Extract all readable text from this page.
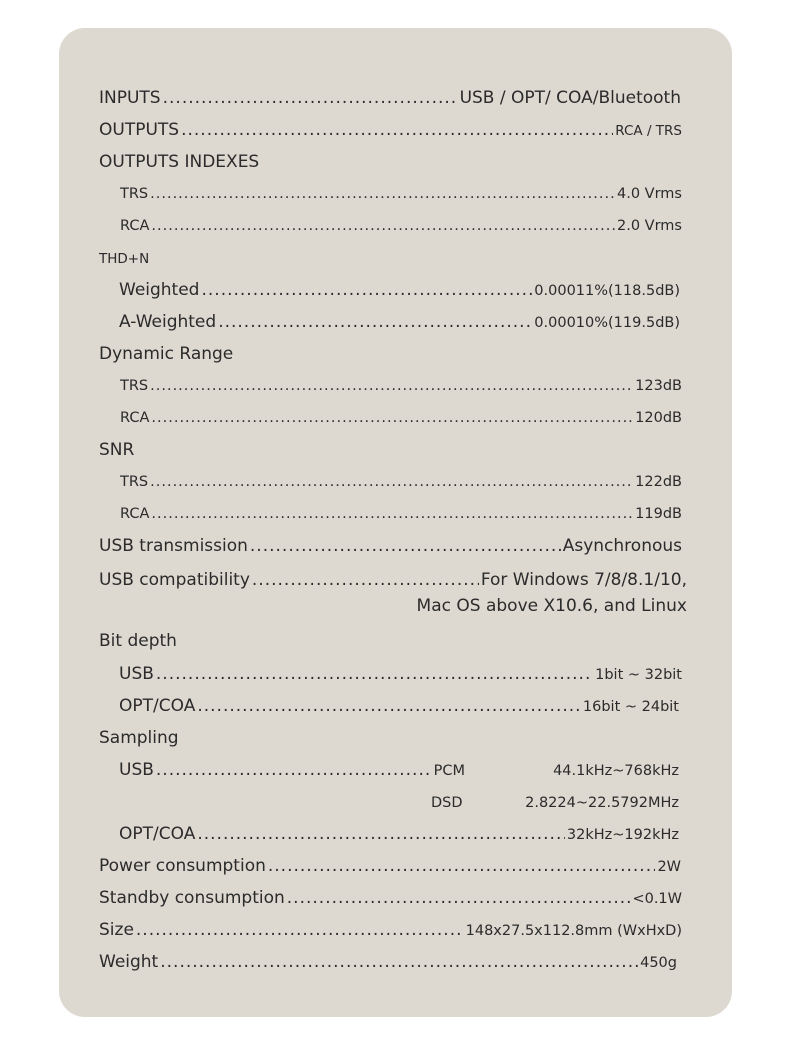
INPUTS .....	USB / OPT/ COA/Bluetooth
OUTPUTS .....	RCA / TRS
OUTPUTS INDEXES
TRS .....	4.0 Vrms
RCA .....	2.0 Vrms
THD+N
Weighted .....	0.00011%(118.5dB)
A-Weighted .....	0.00010%(119.5dB)
Dynamic Range
TRS .....	123dB
RCA .....	120dB
SNR
TRS .....	122dB
RCA .....	119dB
USB transmission .....	Asynchronous
USB compatibility .....	For Windows 7/8/8.1/10,
Mac OS above X10.6, and Linux
Bit depth
USB .....	1bit ~ 32bit
OPT/COA .....	16bit ~ 24bit
Sampling
USB .....	PCM	44.1kHz~768kHz
DSD	2.8224~22.5792MHz
OPT/COA .....	32kHz~192kHz
Power consumption .....	2W
Standby consumption .....	<0.1W
Size .....	148x27.5x112.8mm (WxHxD)
Weight .....	450g
